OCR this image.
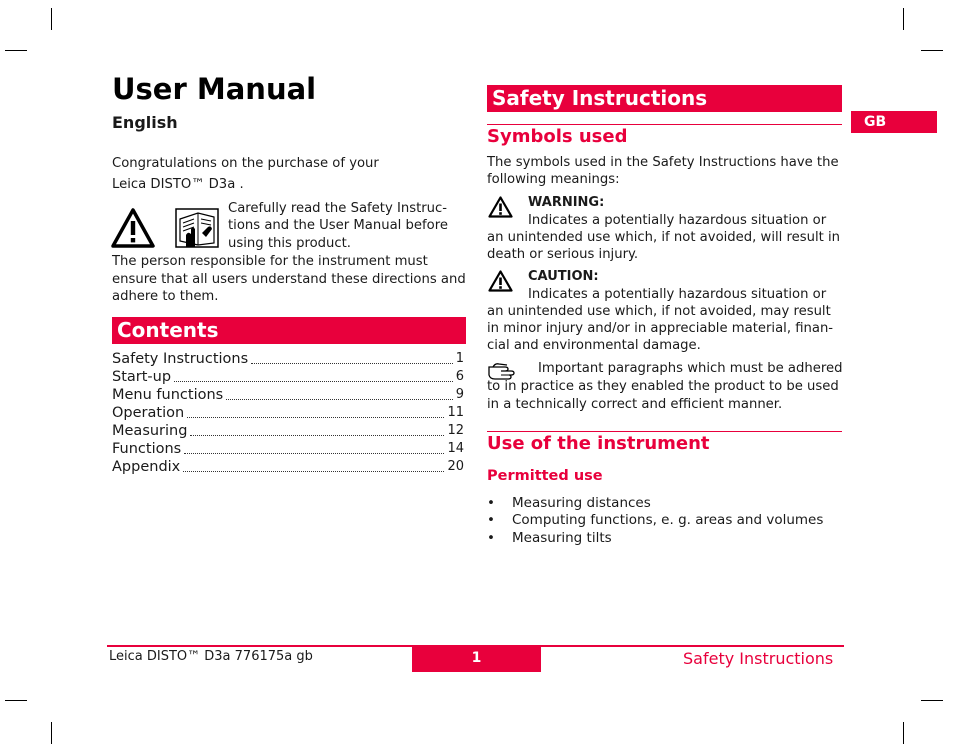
User Manual
English
Congratulations on the purchase of your
Leica DISTO™ D3a .
Carefully read the Safety Instruc-
tions and the User Manual before
using this product.
The person responsible for the instrument must
ensure that all users understand these directions and
adhere to them.
Contents
Safety Instructions	1
Start-up	6
Menu functions	9
Operation	11
Measuring	12
Functions	14
Appendix	20
Safety Instructions
Symbols used
The symbols used in the Safety Instructions have the
following meanings:
WARNING:
Indicates a potentially hazardous situation or
an unintended use which, if not avoided, will result in
death or serious injury.
CAUTION:
Indicates a potentially hazardous situation or
an unintended use which, if not avoided, may result
in minor injury and/or in appreciable material, finan-
cial and environmental damage.
Important paragraphs which must be adhered
to in practice as they enabled the product to be used
in a technically correct and efficient manner.
Use of the instrument
Permitted use
• Measuring distances
• Computing functions, e. g. areas and volumes
• Measuring tilts
GB
Leica DISTO™ D3a 776175a gb	1	Safety Instructions
